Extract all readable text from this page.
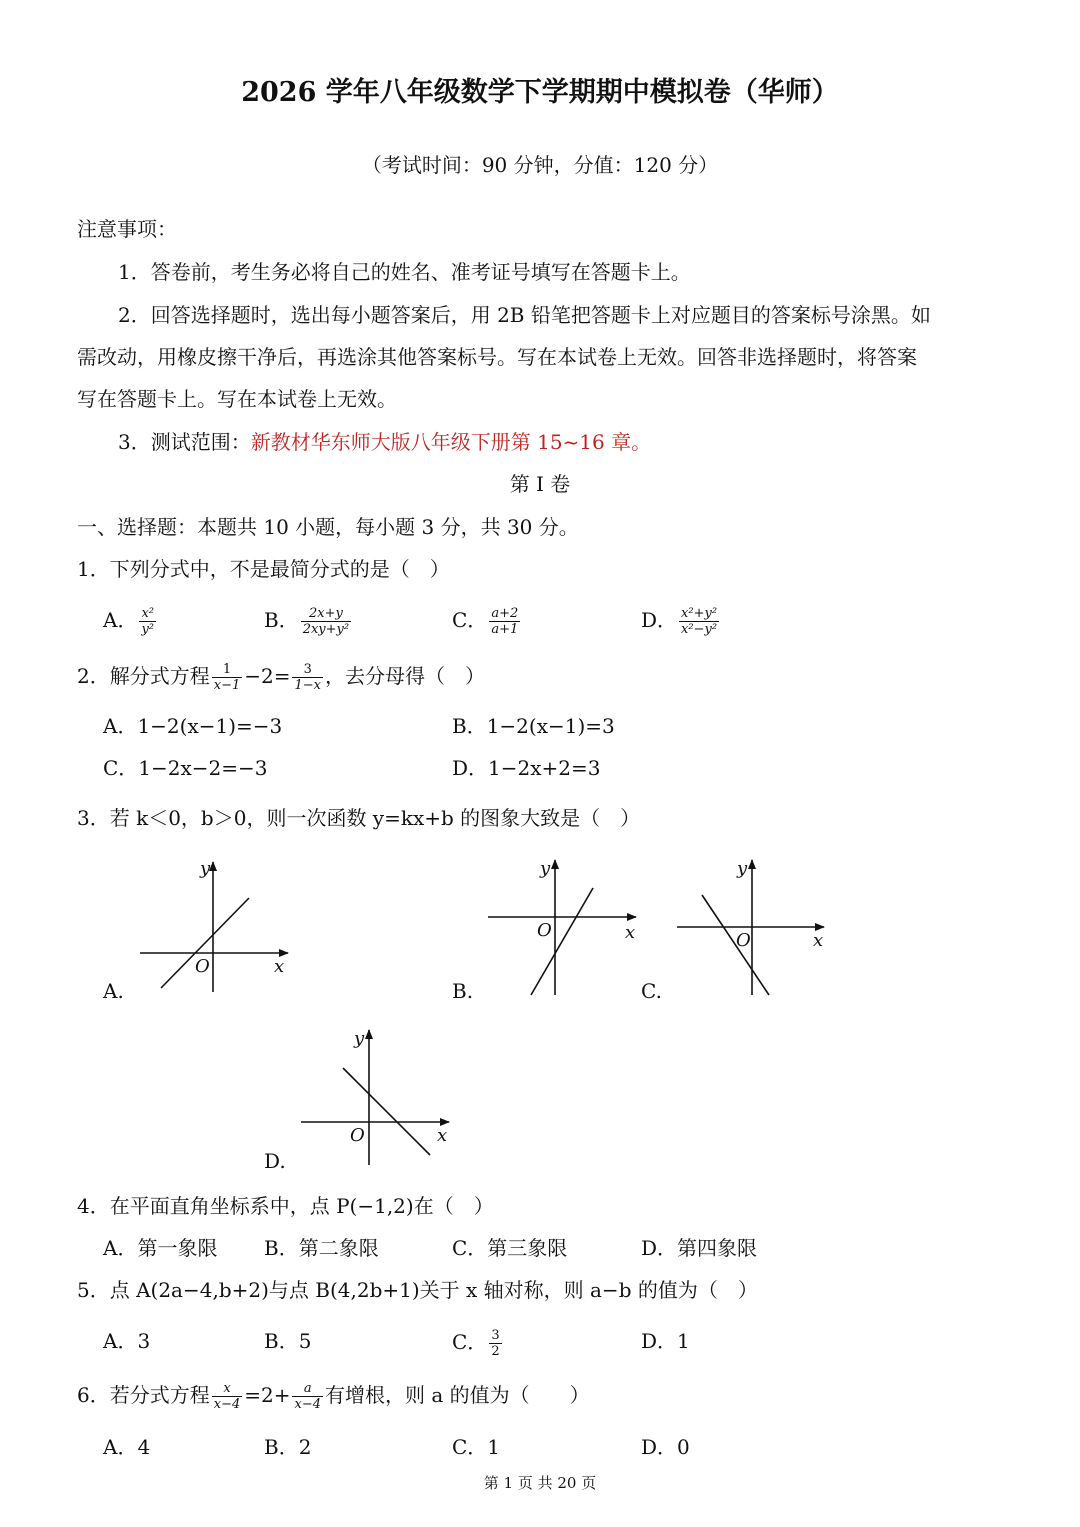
2026 学年八年级数学下学期期中模拟卷（华师）
（考试时间：90 分钟，分值：120 分）
注意事项：
1．答卷前，考生务必将自己的姓名、准考证号填写在答题卡上。
2．回答选择题时，选出每小题答案后，用 2B 铅笔把答题卡上对应题目的答案标号涂黑。如
需改动，用橡皮擦干净后，再选涂其他答案标号。写在本试卷上无效。回答非选择题时，将答案
写在答题卡上。写在本试卷上无效。
3．测试范围：新教材华东师大版八年级下册第 15~16 章。
第 I 卷
一、选择题：本题共 10 小题，每小题 3 分，共 30 分。
1．下列分式中，不是最简分式的是（　）
A． $\frac{\text{x²}}{\text{y²}}$	B． $\frac{2x+y}{\text{2xy+y²}}$	C． $\frac{a+2}{a+1}$	D． $\frac{\text{x²+y²}}{\text{x²−y²}}$
2．解分式方程 $\frac{1}{x-1} -2= \frac{3}{1-x}$ ，去分母得（　）
A．1−2(x−1)=−3	B．1−2(x−1)=3
C．1−2x−2=−3	D．1−2x+2=3
3．若 k＜0，b＞0，则一次函数 y=kx+b 的图象大致是（　）
A.	B.	C.
D.
y
x
O
y
x
O
y
x
O
y
x
O
4．在平面直角坐标系中，点 P(−1,2)在（　）
A．第一象限 B．第二象限	C．第三象限	D．第四象限
5．点 A(2a−4,b+2)与点 B(4,2b+1)关于 x 轴对称，则 a−b 的值为（　）
A．3	B．5	C． $\frac{3}{2}$	D．1
6．若分式方程 $\frac{x}{x-4} =2+ \frac{a}{x-4}$ 有增根，则 a 的值为（　　）
A．4	B．2	C．1	D．0
第 1 页 共 20 页
